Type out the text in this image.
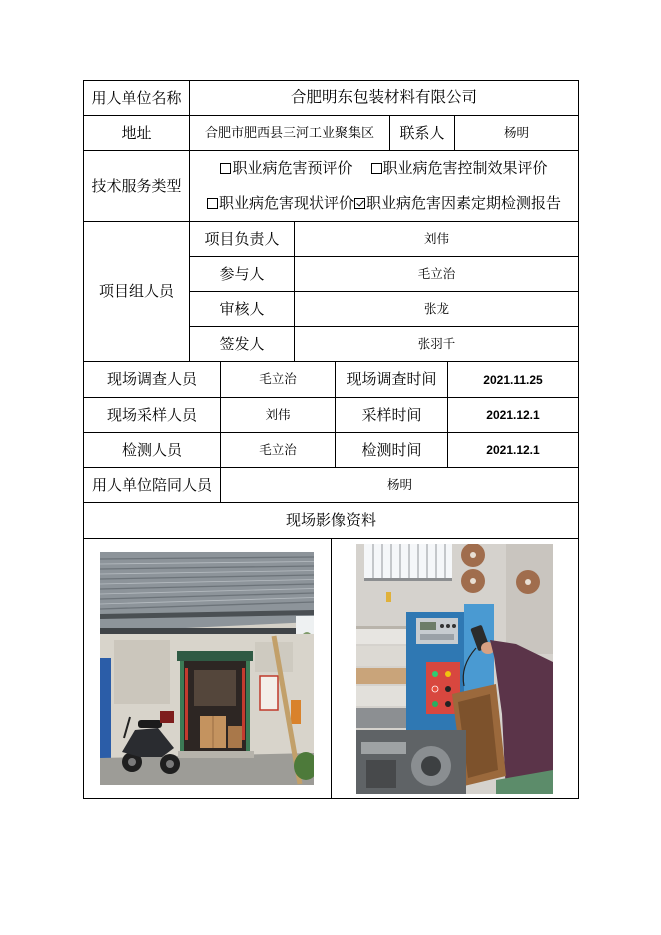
用人单位名称	合肥明东包装材料有限公司
地址	合肥市肥西县三河工业聚集区	联系人	杨明
技术服务类型
职业病危害预评价 职业病危害控制效果评价
职业病危害现状评价 职业病危害因素定期检测报告
项目组人员
项目负责人	刘伟
参与人	毛立治
审核人	张龙
签发人	张羽千
现场调查人员	毛立治	现场调查时间	2021.11.25
现场采样人员	刘伟	采样时间	2021.12.1
检测人员	毛立治	检测时间	2021.12.1
用人单位陪同人员	杨明
现场影像资料
